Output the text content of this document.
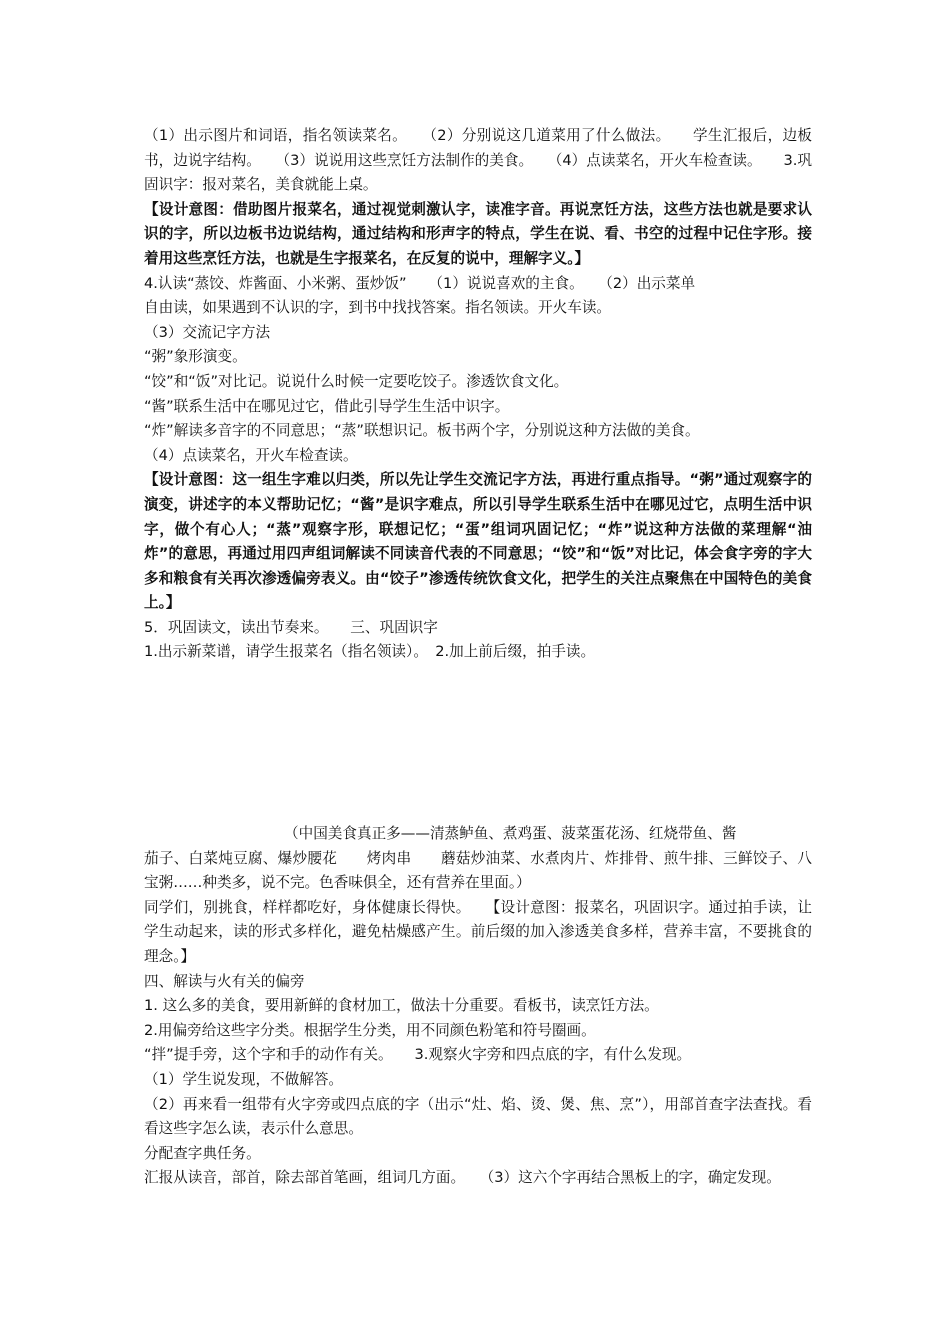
（1）出示图片和词语，指名领读菜名。　　（2）分别说这几道菜用了什么做法。　　学生汇报后，边板书，边说字结构。　　（3）说说用这些烹饪方法制作的美食。　　（4）点读菜名，开火车检查读。　　3.巩固识字：报对菜名，美食就能上桌。

【设计意图：借助图片报菜名，通过视觉刺激认字，读准字音。再说烹饪方法，这些方法也就是要求认识的字，所以边板书边说结构，通过结构和形声字的特点，学生在说、看、书空的过程中记住字形。接着用这些烹饪方法，也就是生字报菜名，在反复的说中，理解字义。】

4.认读“蒸饺、炸酱面、小米粥、蛋炒饭”　　（1）说说喜欢的主食。　　（2）出示菜单

自由读，如果遇到不认识的字，到书中找找答案。指名领读。开火车读。

（3）交流记字方法

“粥”象形演变。

“饺”和“饭”对比记。说说什么时候一定要吃饺子。渗透饮食文化。

“酱”联系生活中在哪见过它，借此引导学生生活中识字。

“炸”解读多音字的不同意思；“蒸”联想识记。板书两个字，分别说这种方法做的美食。

（4）点读菜名，开火车检查读。

【设计意图：这一组生字难以归类，所以先让学生交流记字方法，再进行重点指导。“粥”通过观察字的演变，讲述字的本义帮助记忆；“酱”是识字难点，所以引导学生联系生活中在哪见过它，点明生活中识字，做个有心人；“蒸”观察字形，联想记忆；“蛋”组词巩固记忆；“炸”说这种方法做的菜理解“油炸”的意思，再通过用四声组词解读不同读音代表的不同意思；“饺”和“饭”对比记，体会食字旁的字大多和粮食有关再次渗透偏旁表义。由“饺子”渗透传统饮食文化，把学生的关注点聚焦在中国特色的美食上。】

5．巩固读文，读出节奏来。　　三、巩固识字

1.出示新菜谱，请学生报菜名（指名领读）。　2.加上前后缀，拍手读。

（中国美食真正多——清蒸鲈鱼、煮鸡蛋、菠菜蛋花汤、红烧带鱼、酱

茄子、白菜炖豆腐、爆炒腰花　　烤肉串　　蘑菇炒油菜、水煮肉片、炸排骨、煎牛排、三鲜饺子、八宝粥……种类多，说不完。色香味俱全，还有营养在里面。）

同学们，别挑食，样样都吃好，身体健康长得快。　　【设计意图：报菜名，巩固识字。通过拍手读，让学生动起来，读的形式多样化，避免枯燥感产生。前后缀的加入渗透美食多样，营养丰富，不要挑食的理念。】

四、解读与火有关的偏旁

1. 这么多的美食，要用新鲜的食材加工，做法十分重要。看板书，读烹饪方法。

2.用偏旁给这些字分类。根据学生分类，用不同颜色粉笔和符号圈画。

“拌”提手旁，这个字和手的动作有关。　　3.观察火字旁和四点底的字，有什么发现。

（1）学生说发现，不做解答。

（2）再来看一组带有火字旁或四点底的字（出示“灶、焰、烫、煲、焦、烹”），用部首查字法查找。看看这些字怎么读，表示什么意思。

分配查字典任务。

汇报从读音，部首，除去部首笔画，组词几方面。　　（3）这六个字再结合黑板上的字，确定发现。
